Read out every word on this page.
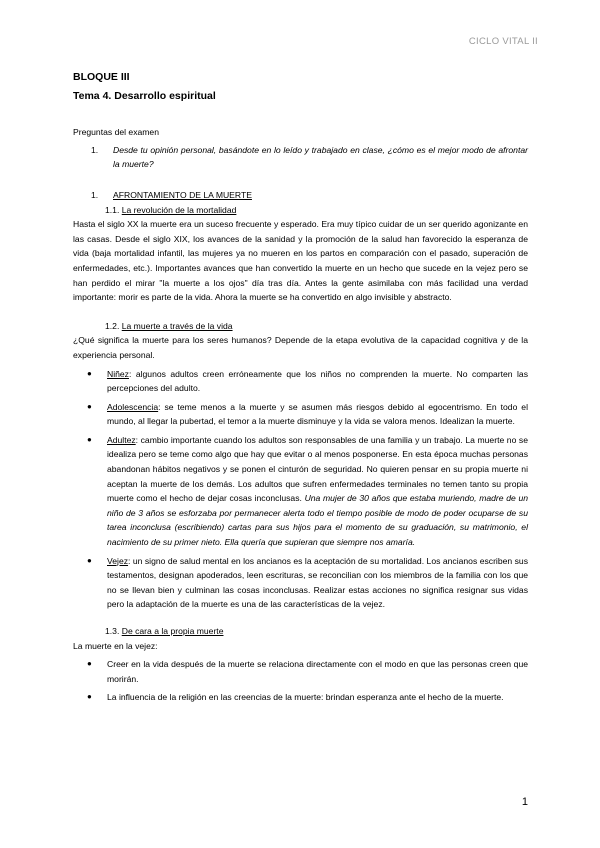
CICLO VITAL II

BLOQUE III

Tema 4. Desarrollo espiritual

Preguntas del examen

1.	Desde tu opinión personal, basándote en lo leído y trabajado en clase, ¿cómo es el mejor modo de afrontar la muerte?
1.	AFRONTAMIENTO DE LA MUERTE

1.1. La revolución de la mortalidad

Hasta el siglo XX la muerte era un suceso frecuente y esperado. Era muy típico cuidar de un ser querido agonizante en las casas. Desde el siglo XIX, los avances de la sanidad y la promoción de la salud han favorecido la esperanza de vida (baja mortalidad infantil, las mujeres ya no mueren en los partos en comparación con el pasado, superación de enfermedades, etc.). Importantes avances que han convertido la muerte en un hecho que sucede en la vejez pero se han perdido el mirar "la muerte a los ojos" día tras día. Antes la gente asimilaba con más facilidad una verdad importante: morir es parte de la vida. Ahora la muerte se ha convertido en algo invisible y abstracto.

1.2. La muerte a través de la vida

¿Qué significa la muerte para los seres humanos? Depende de la etapa evolutiva de la capacidad cognitiva y de la experiencia personal.

●	Niñez: algunos adultos creen erróneamente que los niños no comprenden la muerte. No comparten las percepciones del adulto.
●	Adolescencia: se teme menos a la muerte y se asumen más riesgos debido al egocentrismo. En todo el mundo, al llegar la pubertad, el temor a la muerte disminuye y la vida se valora menos. Idealizan la muerte.
●	Adultez: cambio importante cuando los adultos son responsables de una familia y un trabajo. La muerte no se idealiza pero se teme como algo que hay que evitar o al menos posponerse. En esta época muchas personas abandonan hábitos negativos y se ponen el cinturón de seguridad. No quieren pensar en su propia muerte ni aceptan la muerte de los demás. Los adultos que sufren enfermedades terminales no temen tanto su propia muerte como el hecho de dejar cosas inconclusas. Una mujer de 30 años que estaba muriendo, madre de un niño de 3 años se esforzaba por permanecer alerta todo el tiempo posible de modo de poder ocuparse de su tarea inconclusa (escribiendo) cartas para sus hijos para el momento de su graduación, su matrimonio, el nacimiento de su primer nieto. Ella quería que supieran que siempre nos amaría.
●	Vejez: un signo de salud mental en los ancianos es la aceptación de su mortalidad. Los ancianos escriben sus testamentos, designan apoderados, leen escrituras, se reconcilian con los miembros de la familia con los que no se llevan bien y culminan las cosas inconclusas. Realizar estas acciones no significa resignar sus vidas pero la adaptación de la muerte es una de las características de la vejez.

1.3. De cara a la propia muerte

La muerte en la vejez:

●	Creer en la vida después de la muerte se relaciona directamente con el modo en que las personas creen que morirán.
●	La influencia de la religión en las creencias de la muerte: brindan esperanza ante el hecho de la muerte.
1
